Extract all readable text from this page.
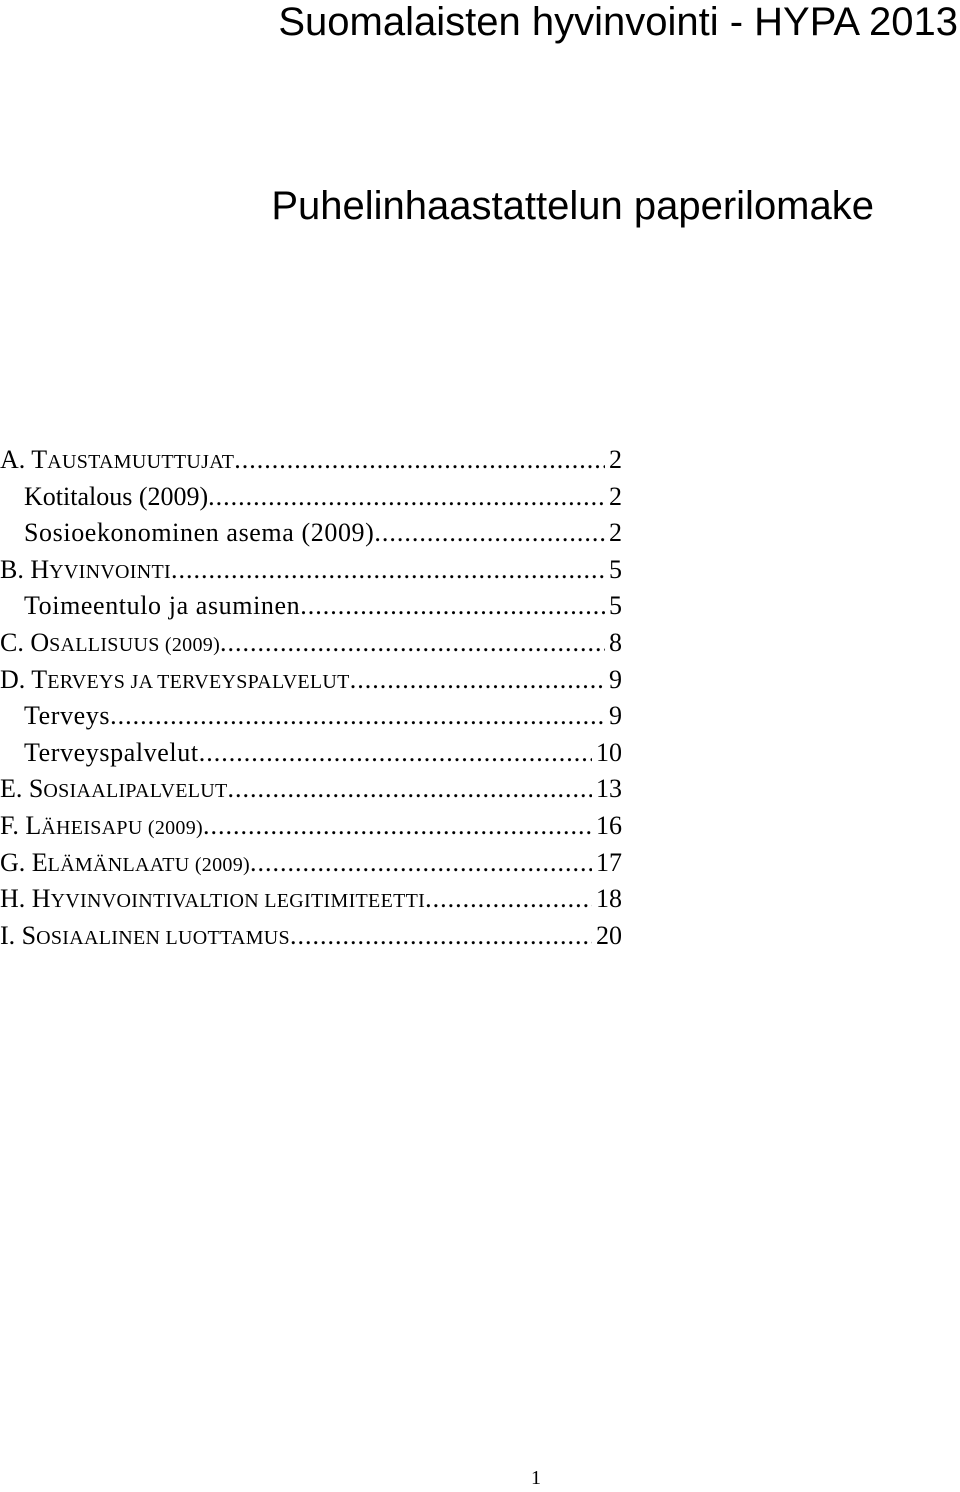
Suomalaisten hyvinvointi - HYPA 2013
Puhelinhaastattelun paperilomake
A. TAUSTAMUUTTUJAT .....	2
Kotitalous (2009) .....	2
Sosioekonominen asema (2009) .....	2
B. HYVINVOINTI .....	5
Toimeentulo ja asuminen .....	5
C. OSALLISUUS (2009) .....	8
D. TERVEYS JA TERVEYSPALVELUT .....	9
Terveys .....	9
Terveyspalvelut .....	10
E. SOSIAALIPALVELUT .....	13
F. LÄHEISAPU (2009) .....	16
G. ELÄMÄNLAATU (2009) .....	17
H. HYVINVOINTIVALTION LEGITIMITEETTI .....	18
I. SOSIAALINEN LUOTTAMUS .....	20
1
